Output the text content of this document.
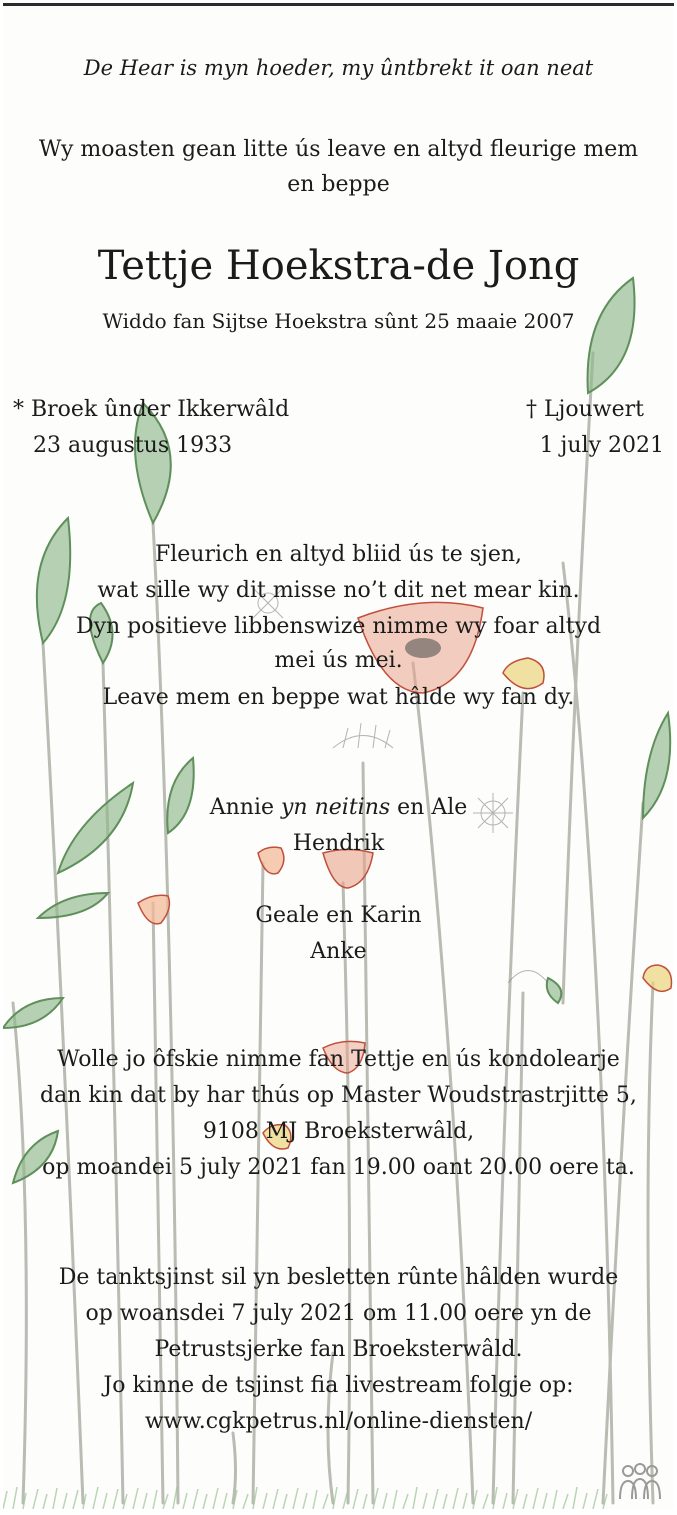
De Hear is myn hoeder, my ûntbrekt it oan neat
Wy moasten gean litte ús leave en altyd fleurige mem
en beppe
Tettje Hoekstra-de Jong
Widdo fan Sijtse Hoekstra sûnt 25 maaie 2007
* Broek ûnder Ikkerwâld
23 augustus 1933
† Ljouwert
1 july 2021
Fleurich en altyd bliid ús te sjen,
wat sille wy dit misse no’t dit net mear kin.
Dyn positieve libbenswize nimme wy foar altyd
mei ús mei.
Leave mem en beppe wat hâlde wy fan dy.
Annie yn neitins en Ale
Hendrik
Geale en Karin
Anke
Wolle jo ôfskie nimme fan Tettje en ús kondolearje
dan kin dat by har thús op Master Woudstrastrjitte 5,
9108 MJ Broeksterwâld,
op moandei 5 july 2021 fan 19.00 oant 20.00 oere ta.
De tanktsjinst sil yn besletten rûnte hâlden wurde
op woansdei 7 july 2021 om 11.00 oere yn de
Petrustsjerke fan Broeksterwâld.
Jo kinne de tsjinst fia livestream folgje op:
www.cgkpetrus.nl/online-diensten/
